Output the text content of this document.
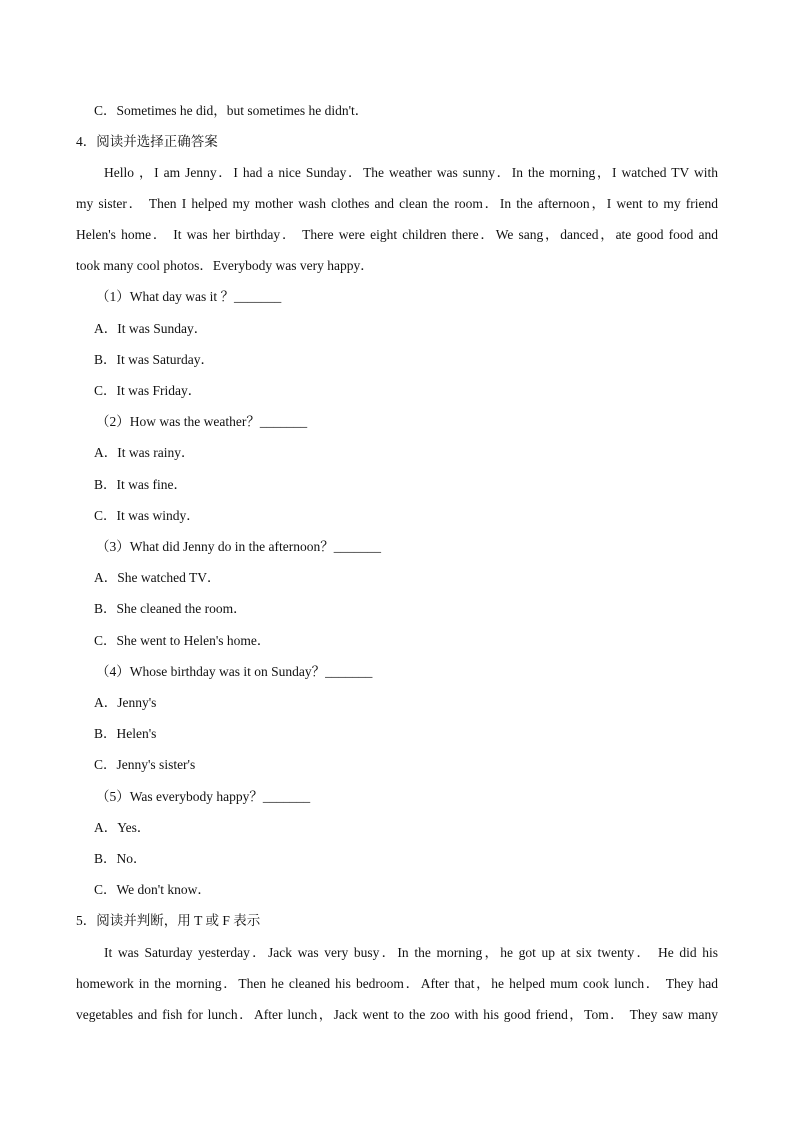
C．Sometimes he did，but sometimes he didn't．
4．阅读并选择正确答案
Hello ，I am Jenny．I had a nice Sunday．The weather was sunny．In the morning，I watched TV with
my sister． Then I helped my mother wash clothes and clean the room．In the afternoon，I went to my friend
Helen's home． It was her birthday． There were eight children there．We sang，danced，ate good food and
took many cool photos．Everybody was very happy．
（1）What day was it ？_______
A．It was Sunday．
B．It was Saturday．
C．It was Friday．
（2）How was the weather？_______
A．It was rainy．
B．It was fine．
C．It was windy．
（3）What did Jenny do in the afternoon？_______
A．She watched TV．
B．She cleaned the room．
C．She went to Helen's home．
（4）Whose birthday was it on Sunday？_______
A．Jenny's
B．Helen's
C．Jenny's sister's
（5）Was everybody happy？_______
A．Yes．
B．No．
C．We don't know．
5．阅读并判断，用 T 或 F 表示
It was Saturday yesterday．Jack was very busy．In the morning，he got up at six twenty． He did his
homework in the morning．Then he cleaned his bedroom．After that，he helped mum cook lunch． They had
vegetables and fish for lunch．After lunch，Jack went to the zoo with his good friend，Tom． They saw many
